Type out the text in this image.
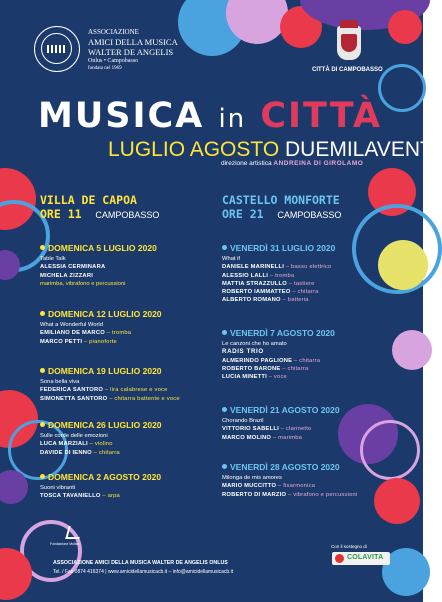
ASSOCIAZIONE
AMICI DELLA MUSICA
WALTER DE ANGELIS
Onlus • Campobasso
fondata nel 1969	CITTÀ DI CAMPOBASSO
MUSICA in CITTÀ
LUGLIO AGOSTO DUEMILAVENTI
direzione artistica ANDREINA DI GIROLAMO
VILLA DE CAPOA
ORE 11 CAMPOBASSO
CASTELLO MONFORTE
ORE 21 CAMPOBASSO
DOMENICA 5 LUGLIO 2020
Table Talk
ALESSIA CERMINARA
MICHELA ZIZZARI
marimba, vibrafono e percussioni
DOMENICA 12 LUGLIO 2020
What a Wonderful World
EMILIANO DE MARCO – tromba
MARCO PETTI – pianoforte
DOMENICA 19 LUGLIO 2020
Sona bella viva
FEDERICA SANTORO – lira calabrese e voce
SIMONETTA SANTORO – chitarra battente e voce
DOMENICA 26 LUGLIO 2020
Sulle corde delle emozioni
LUCA MARZIALI – violino
DAVIDE DI IENNO – chitarra
DOMENICA 2 AGOSTO 2020
Suoni vibranti
TOSCA TAVANIELLO – arpa
VENERDÌ 31 LUGLIO 2020
What if
DANIELE MARINELLI – basso elettrico
ALESSIO LALLI – tromba
MATTIA STRAZZULLO – tastiere
ROBERTO IAMMATTEO – chitarra
ALBERTO ROMANO – batteria
VENERDÌ 7 AGOSTO 2020
Le canzoni che ho amato
RADIS TRIO
ALMERINDO PAGLIONE – chitarra
ROBERTO BARONE – chitarra
LUCIA MINETTI – voce
VENERDÌ 21 AGOSTO 2020
Chorando Brazil
VITTORIO SABELLI – clarinetto
MARCO MOLINO – marimba
VENERDÌ 28 AGOSTO 2020
Milonga de mis amores
MARIO MUCCITTO – fisarmonica
ROBERTO DI MARZIO – vibrafono e percussioni
Fondazione Molise	Con il sostegno di
COLAVITA
ASSOCIAZIONE AMICI DELLA MUSICA WALTER DE ANGELIS ONLUS
Tel. / Fax 0874 416374 | www.amicidellamusicacb.it – info@amicidellamusicacb.it
